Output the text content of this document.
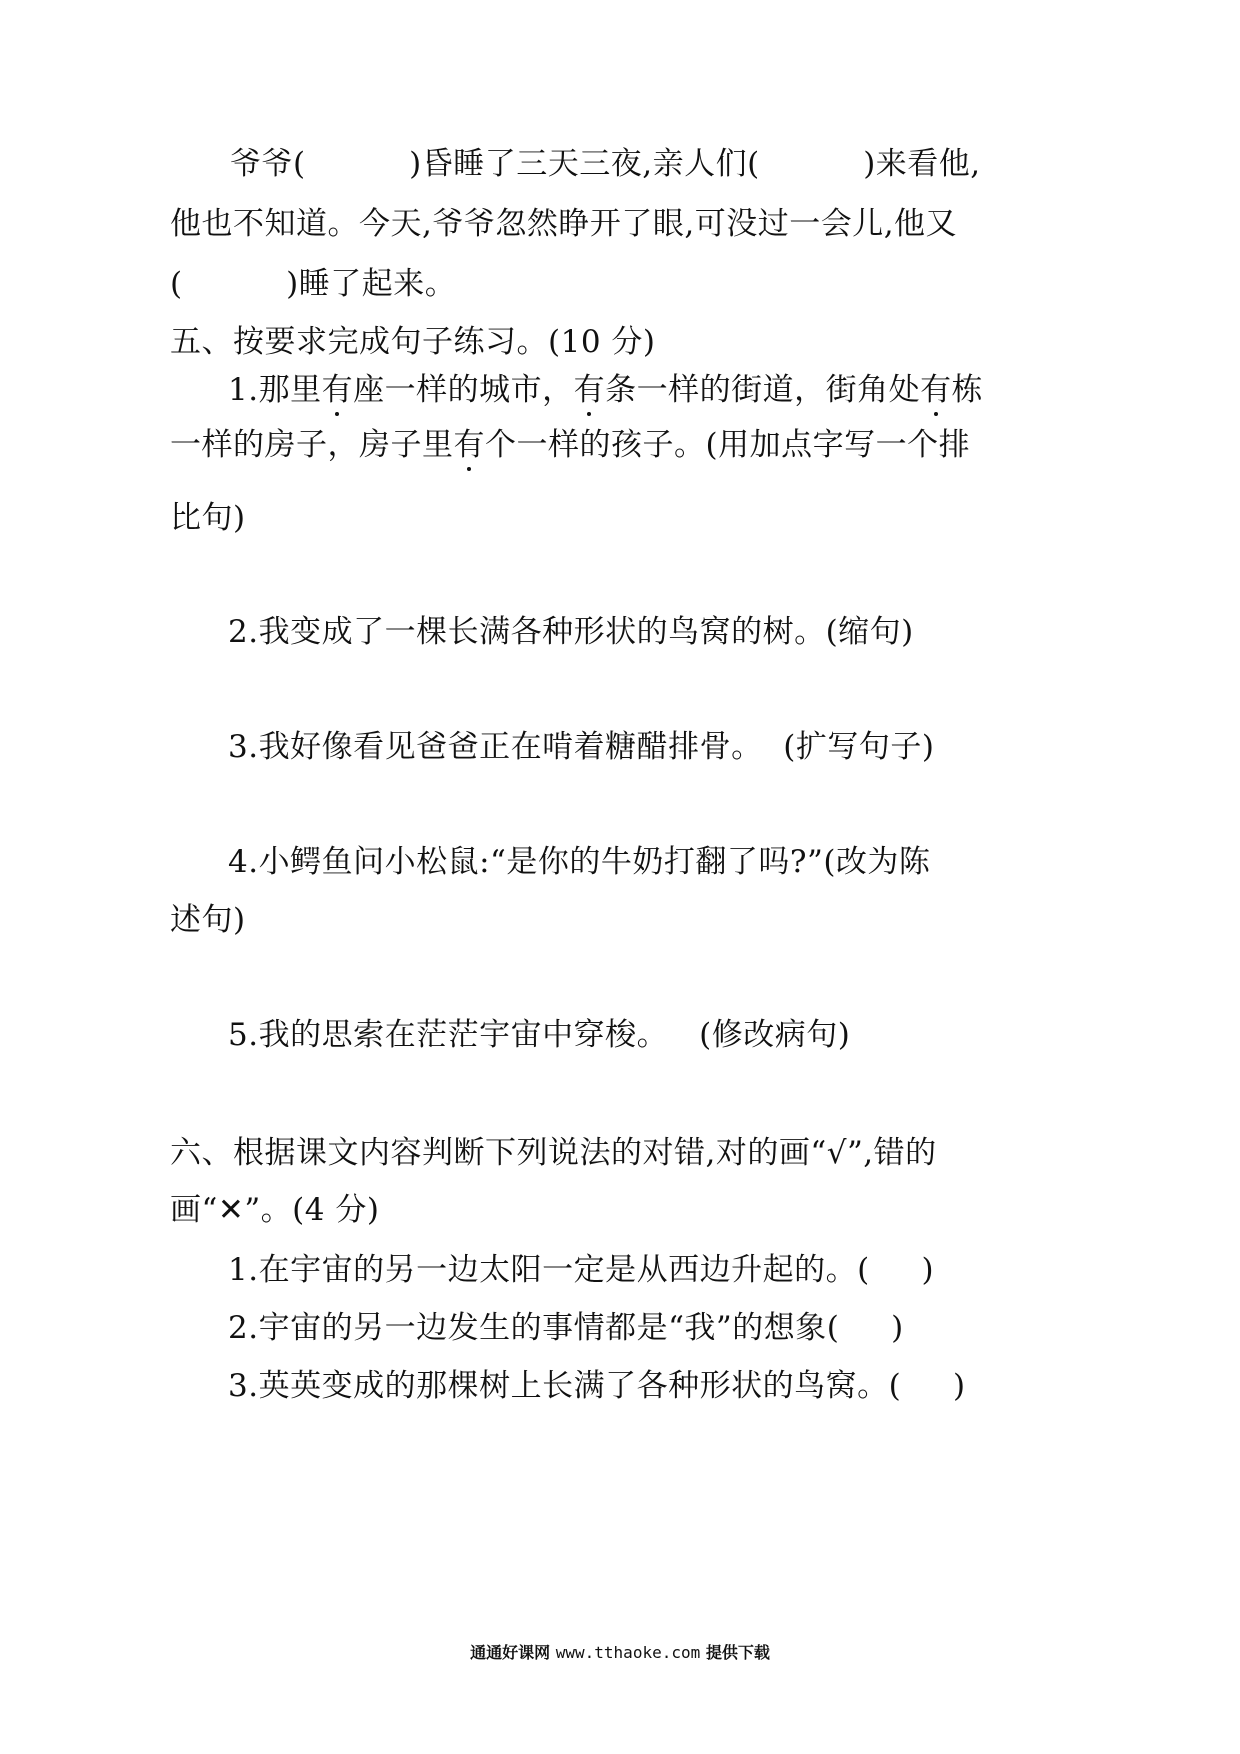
爷爷(          )昏睡了三天三夜,亲人们(          )来看他,
他也不知道。今天,爷爷忽然睁开了眼,可没过一会儿,他又
(          )睡了起来。
五、按要求完成句子练习。(10 分)
1.那里有座一样的城市，有条一样的街道，街角处有栋
一样的房子，房子里有个一样的孩子。(用加点字写一个排
比句)
2.我变成了一棵长满各种形状的鸟窝的树。(缩句)
3.我好像看见爸爸正在啃着糖醋排骨。  (扩写句子)
4.小鳄鱼问小松鼠:“是你的牛奶打翻了吗?”(改为陈
述句)
5.我的思索在茫茫宇宙中穿梭。   (修改病句)
六、根据课文内容判断下列说法的对错,对的画“√”,错的
画“✕”。(4 分)
1.在宇宙的另一边太阳一定是从西边升起的。(     )
2.宇宙的另一边发生的事情都是“我”的想象(     )
3.英英变成的那棵树上长满了各种形状的鸟窝。(     )
通通好课网 www.tthaoke.com 提供下载
